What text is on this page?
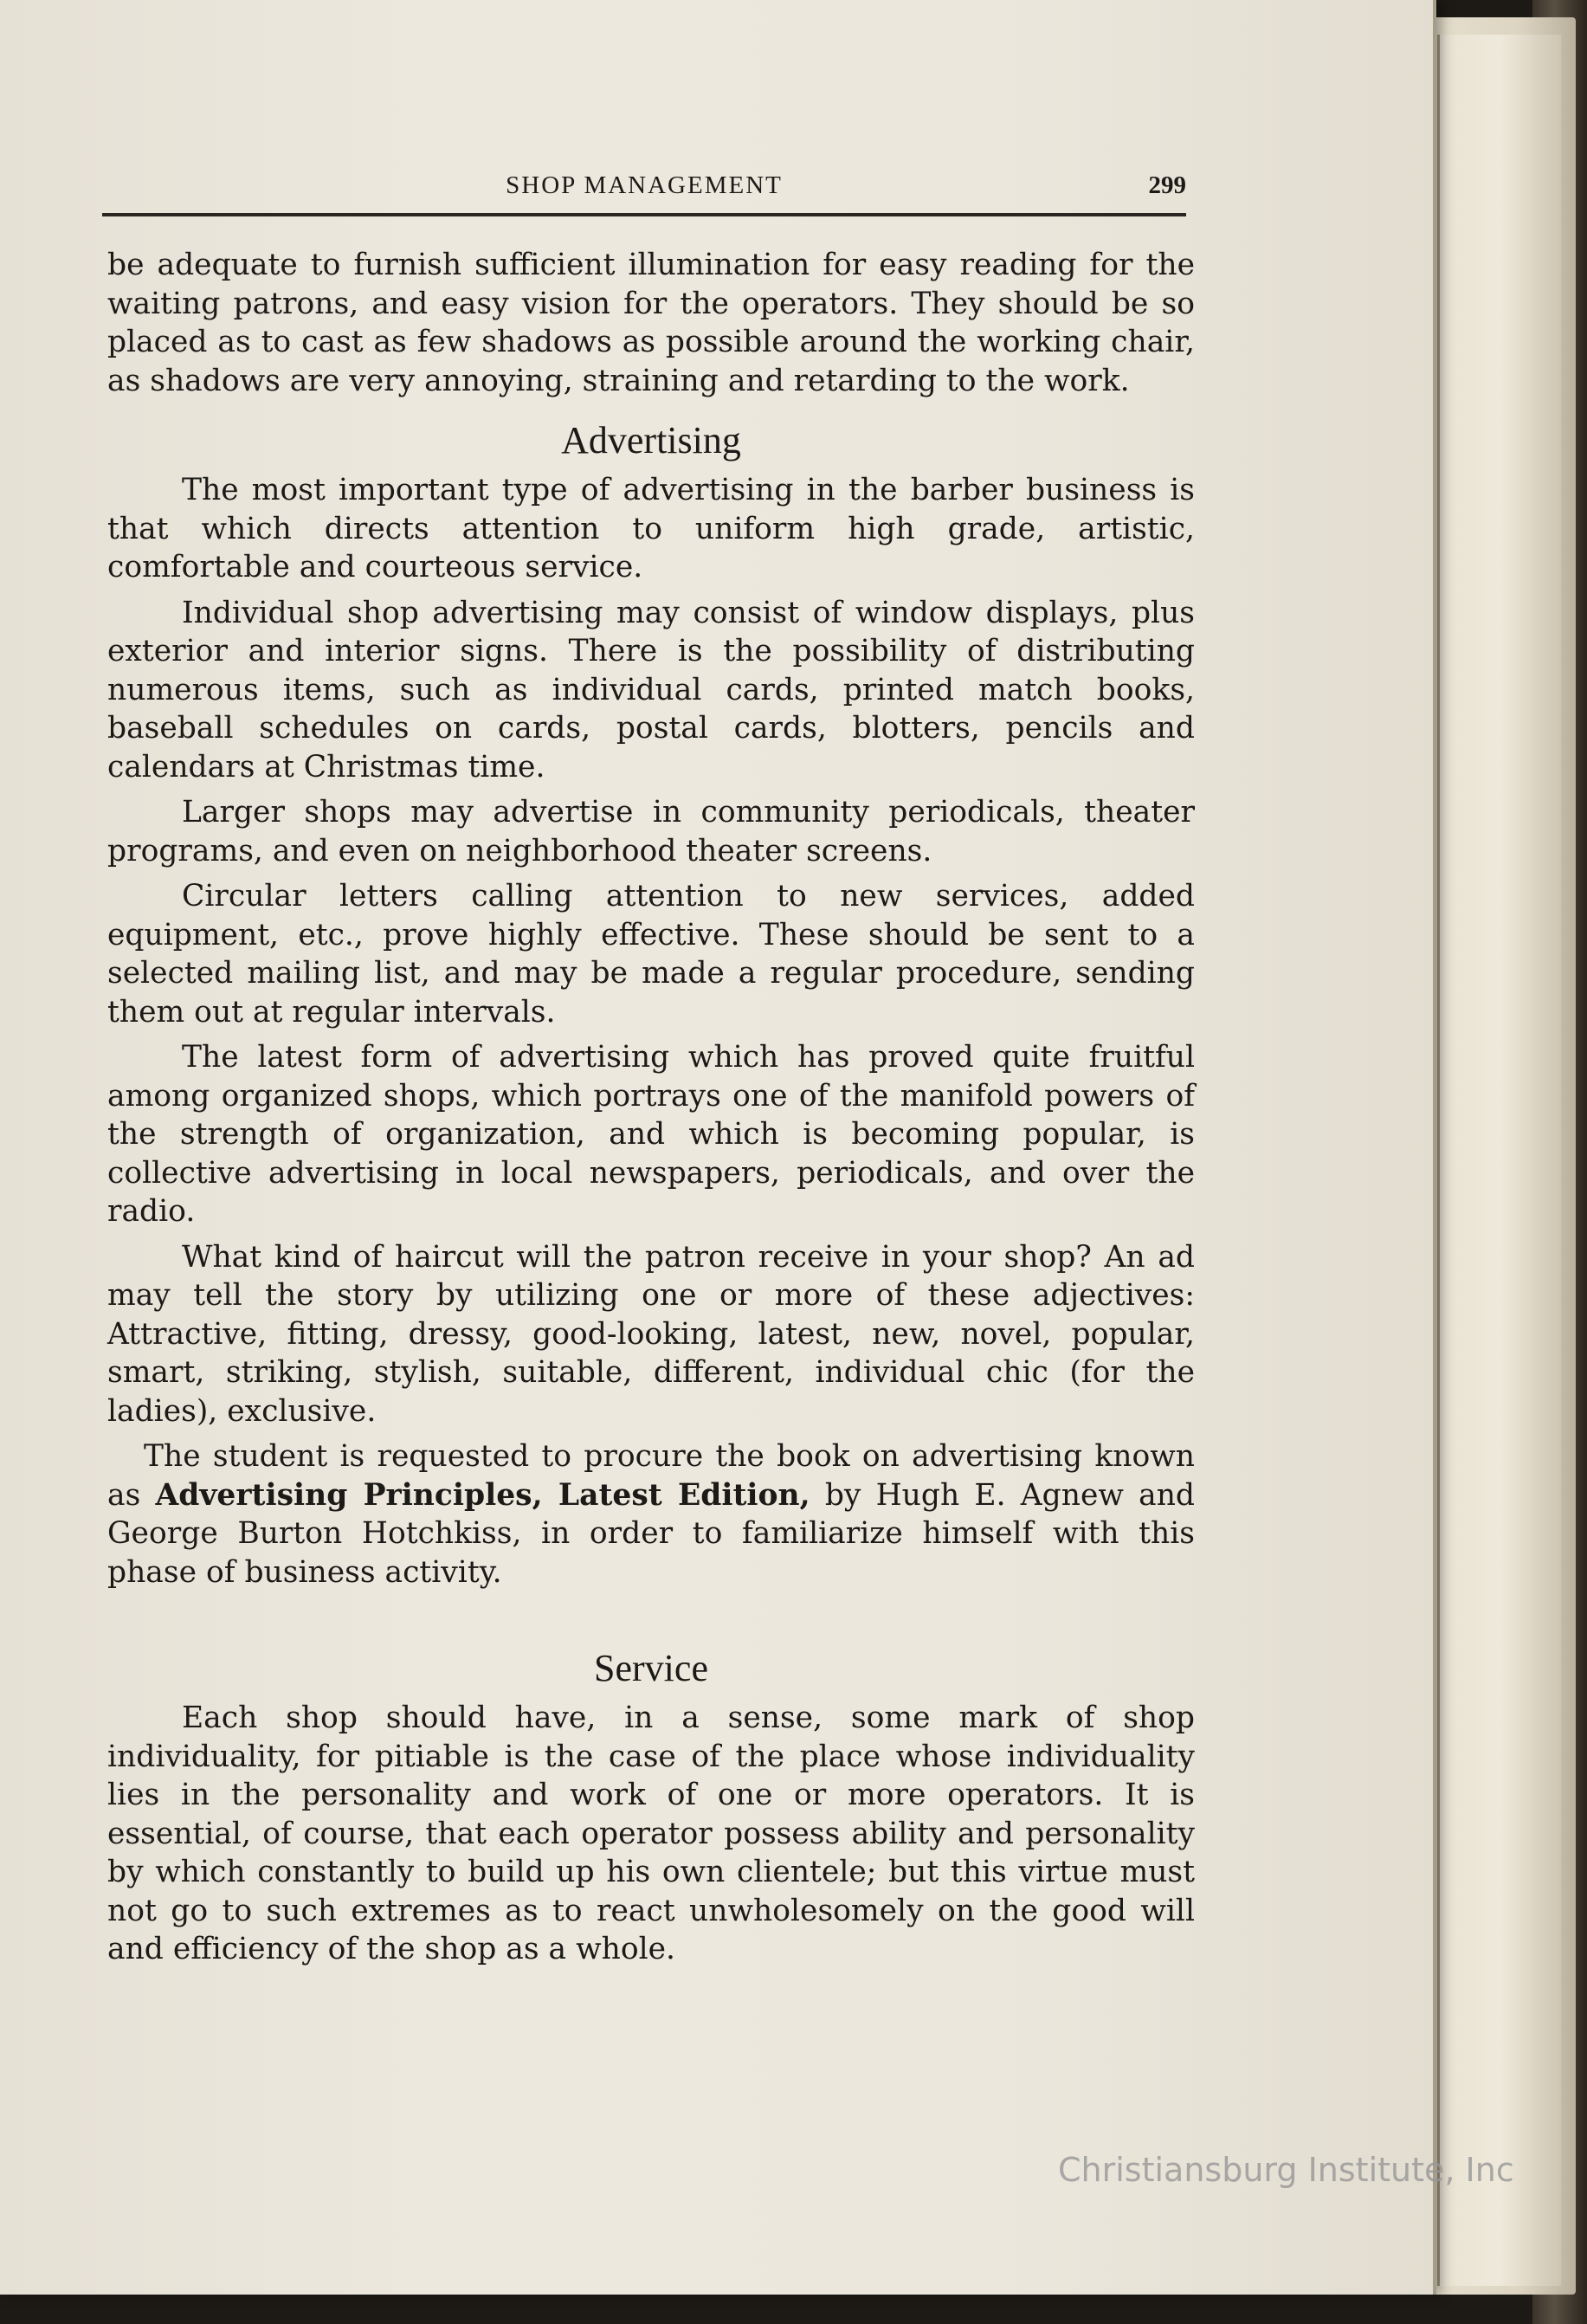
SHOP MANAGEMENT	299

be adequate to furnish sufficient illumination for easy reading for the waiting patrons, and easy vision for the operators. They should be so placed as to cast as few shadows as possible around the working chair, as shadows are very annoying, straining and retarding to the work.

Advertising

The most important type of advertising in the barber business is that which directs attention to uniform high grade, artistic, comfortable and courteous service.

Individual shop advertising may consist of window displays, plus exterior and interior signs. There is the possibility of distributing numerous items, such as individual cards, printed match books, baseball schedules on cards, postal cards, blotters, pencils and calendars at Christmas time.

Larger shops may advertise in community periodicals, theater programs, and even on neighborhood theater screens.

Circular letters calling attention to new services, added equipment, etc., prove highly effective. These should be sent to a selected mailing list, and may be made a regular procedure, sending them out at regular intervals.

The latest form of advertising which has proved quite fruitful among organized shops, which portrays one of the manifold powers of the strength of organization, and which is becoming popular, is collective advertising in local newspapers, periodicals, and over the radio.

What kind of haircut will the patron receive in your shop? An ad may tell the story by utilizing one or more of these adjectives: Attractive, fitting, dressy, good-looking, latest, new, novel, popular, smart, striking, stylish, suitable, different, individual chic (for the ladies), exclusive.

The student is requested to procure the book on advertising known as Advertising Principles, Latest Edition, by Hugh E. Agnew and George Burton Hotchkiss, in order to familiarize himself with this phase of business activity.

Service

Each shop should have, in a sense, some mark of shop individuality, for pitiable is the case of the place whose individuality lies in the personality and work of one or more operators. It is essential, of course, that each operator possess ability and personality by which constantly to build up his own clientele; but this virtue must not go to such extremes as to react unwholesomely on the good will and efficiency of the shop as a whole.

Christiansburg Institute, Inc
